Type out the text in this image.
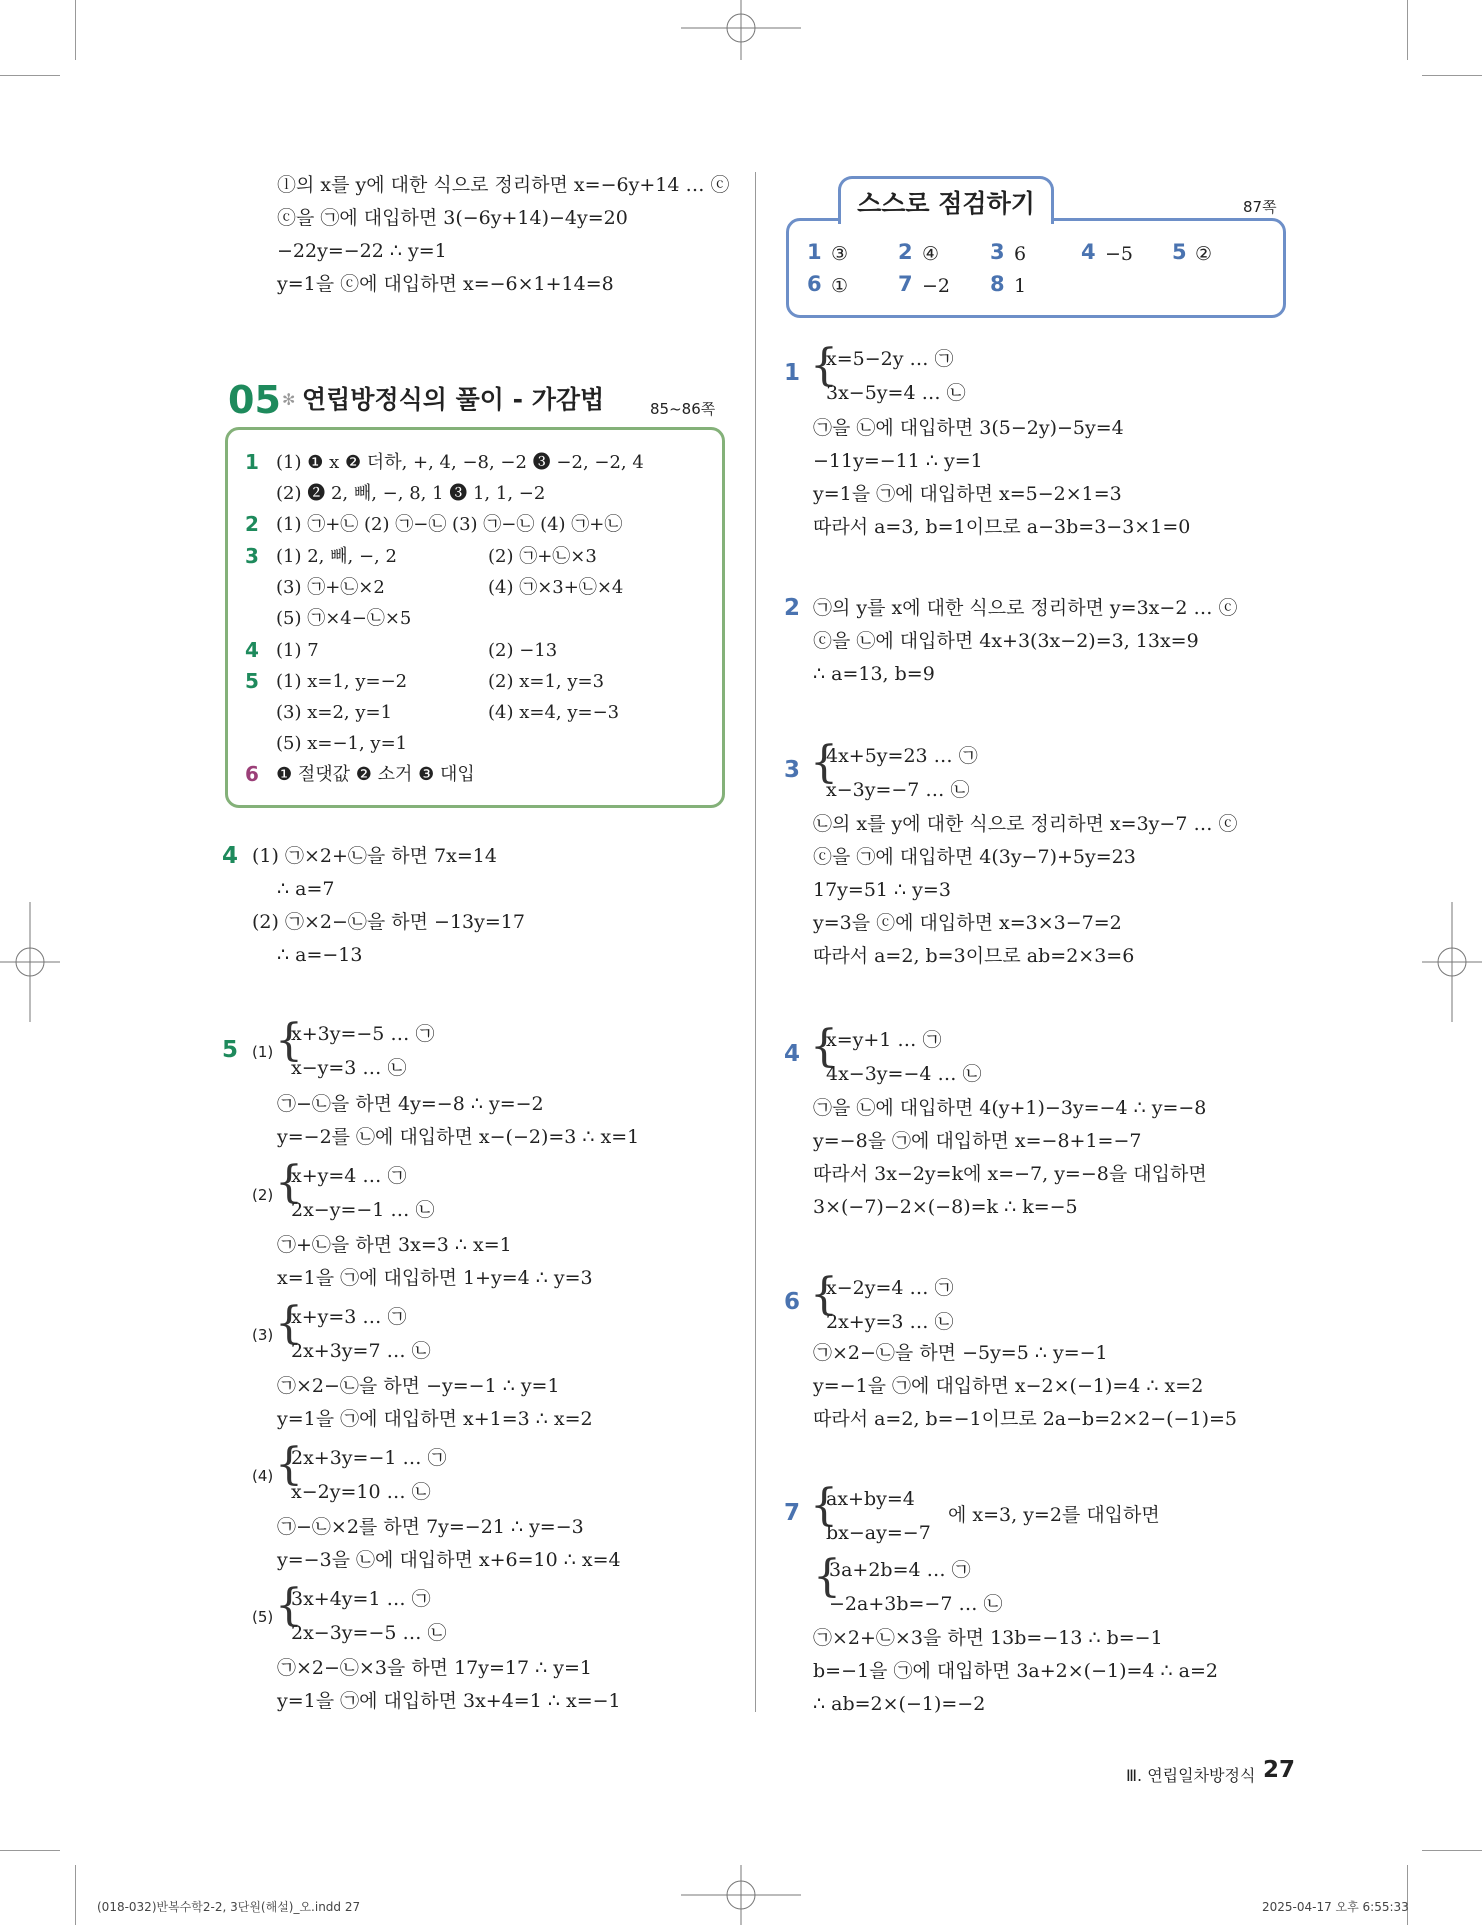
ⓛ의 x를 y에 대한 식으로 정리하면 x=−6y+14 … ⓒ
ⓒ을 ㉠에 대입하면 3(−6y+14)−4y=20
−22y=−22 ∴ y=1
y=1을 ⓒ에 대입하면 x=−6×1+14=8
05 ✻ 연립방정식의 풀이 - 가감법	85~86쪽
1 (1) ❶ x ❷ 더하, +, 4, −8, −2 ❸ −2, −2, 4
(2) ❷ 2, 빼, −, 8, 1 ❸ 1, 1, −2
2 (1) ㉠+㉡ (2) ㉠−㉡ (3) ㉠−㉡ (4) ㉠+㉡
3 (1) 2, 빼, −, 2	(2) ㉠+㉡×3
(3) ㉠+㉡×2	(4) ㉠×3+㉡×4
(5) ㉠×4−㉡×5
4 (1) 7	(2) −13
5 (1) x=1, y=−2	(2) x=1, y=3
(3) x=2, y=1	(4) x=4, y=−3
(5) x=−1, y=1
6 ❶ 절댓값 ❷ 소거 ❸ 대입
4 (1) ㉠×2+㉡을 하면 7x=14
∴ a=7
(2) ㉠×2−㉡을 하면 −13y=17
∴ a=−13
5 (1) {
x+3y=−5 … ㉠
x−y=3 … ㉡
㉠−㉡을 하면 4y=−8 ∴ y=−2
y=−2를 ㉡에 대입하면 x−(−2)=3 ∴ x=1
(2) {
x+y=4 … ㉠
2x−y=−1 … ㉡
㉠+㉡을 하면 3x=3 ∴ x=1
x=1을 ㉠에 대입하면 1+y=4 ∴ y=3
(3) {
x+y=3 … ㉠
2x+3y=7 … ㉡
㉠×2−㉡을 하면 −y=−1 ∴ y=1
y=1을 ㉠에 대입하면 x+1=3 ∴ x=2
(4) {
2x+3y=−1 … ㉠
x−2y=10 … ㉡
㉠−㉡×2를 하면 7y=−21 ∴ y=−3
y=−3을 ㉡에 대입하면 x+6=10 ∴ x=4
(5) {
3x+4y=1 … ㉠
2x−3y=−5 … ㉡
㉠×2−㉡×3을 하면 17y=17 ∴ y=1
y=1을 ㉠에 대입하면 3x+4=1 ∴ x=−1
스스로 점검하기	87쪽
1 ③ 2 ④ 3 6	4 −5 5 ②
6 ① 7 −2 8 1
1 {
x=5−2y … ㉠
3x−5y=4 … ㉡
㉠을 ㉡에 대입하면 3(5−2y)−5y=4
−11y=−11 ∴ y=1
y=1을 ㉠에 대입하면 x=5−2×1=3
따라서 a=3, b=1이므로 a−3b=3−3×1=0
2 ㉠의 y를 x에 대한 식으로 정리하면 y=3x−2 … ⓒ
ⓒ을 ㉡에 대입하면 4x+3(3x−2)=3, 13x=9
∴ a=13, b=9
3 {
4x+5y=23 … ㉠
x−3y=−7 … ㉡
㉡의 x를 y에 대한 식으로 정리하면 x=3y−7 … ⓒ
ⓒ을 ㉠에 대입하면 4(3y−7)+5y=23
17y=51 ∴ y=3
y=3을 ⓒ에 대입하면 x=3×3−7=2
따라서 a=2, b=3이므로 ab=2×3=6
4 {
x=y+1 … ㉠
4x−3y=−4 … ㉡
㉠을 ㉡에 대입하면 4(y+1)−3y=−4 ∴ y=−8
y=−8을 ㉠에 대입하면 x=−8+1=−7
따라서 3x−2y=k에 x=−7, y=−8을 대입하면
3×(−7)−2×(−8)=k ∴ k=−5
6 {
x−2y=4 … ㉠
2x+y=3 … ㉡
㉠×2−㉡을 하면 −5y=5 ∴ y=−1
y=−1을 ㉠에 대입하면 x−2×(−1)=4 ∴ x=2
따라서 a=2, b=−1이므로 2a−b=2×2−(−1)=5
7 {
ax+by=4
bx−ay=−7
에 x=3, y=2를 대입하면
{
3a+2b=4 … ㉠
−2a+3b=−7 … ㉡
㉠×2+㉡×3을 하면 13b=−13 ∴ b=−1
b=−1을 ㉠에 대입하면 3a+2×(−1)=4 ∴ a=2
∴ ab=2×(−1)=−2
Ⅲ. 연립일차방정식 27
(018-032)반복수학2-2, 3단원(해설)_오.indd 27	2025-04-17 오후 6:55:33
